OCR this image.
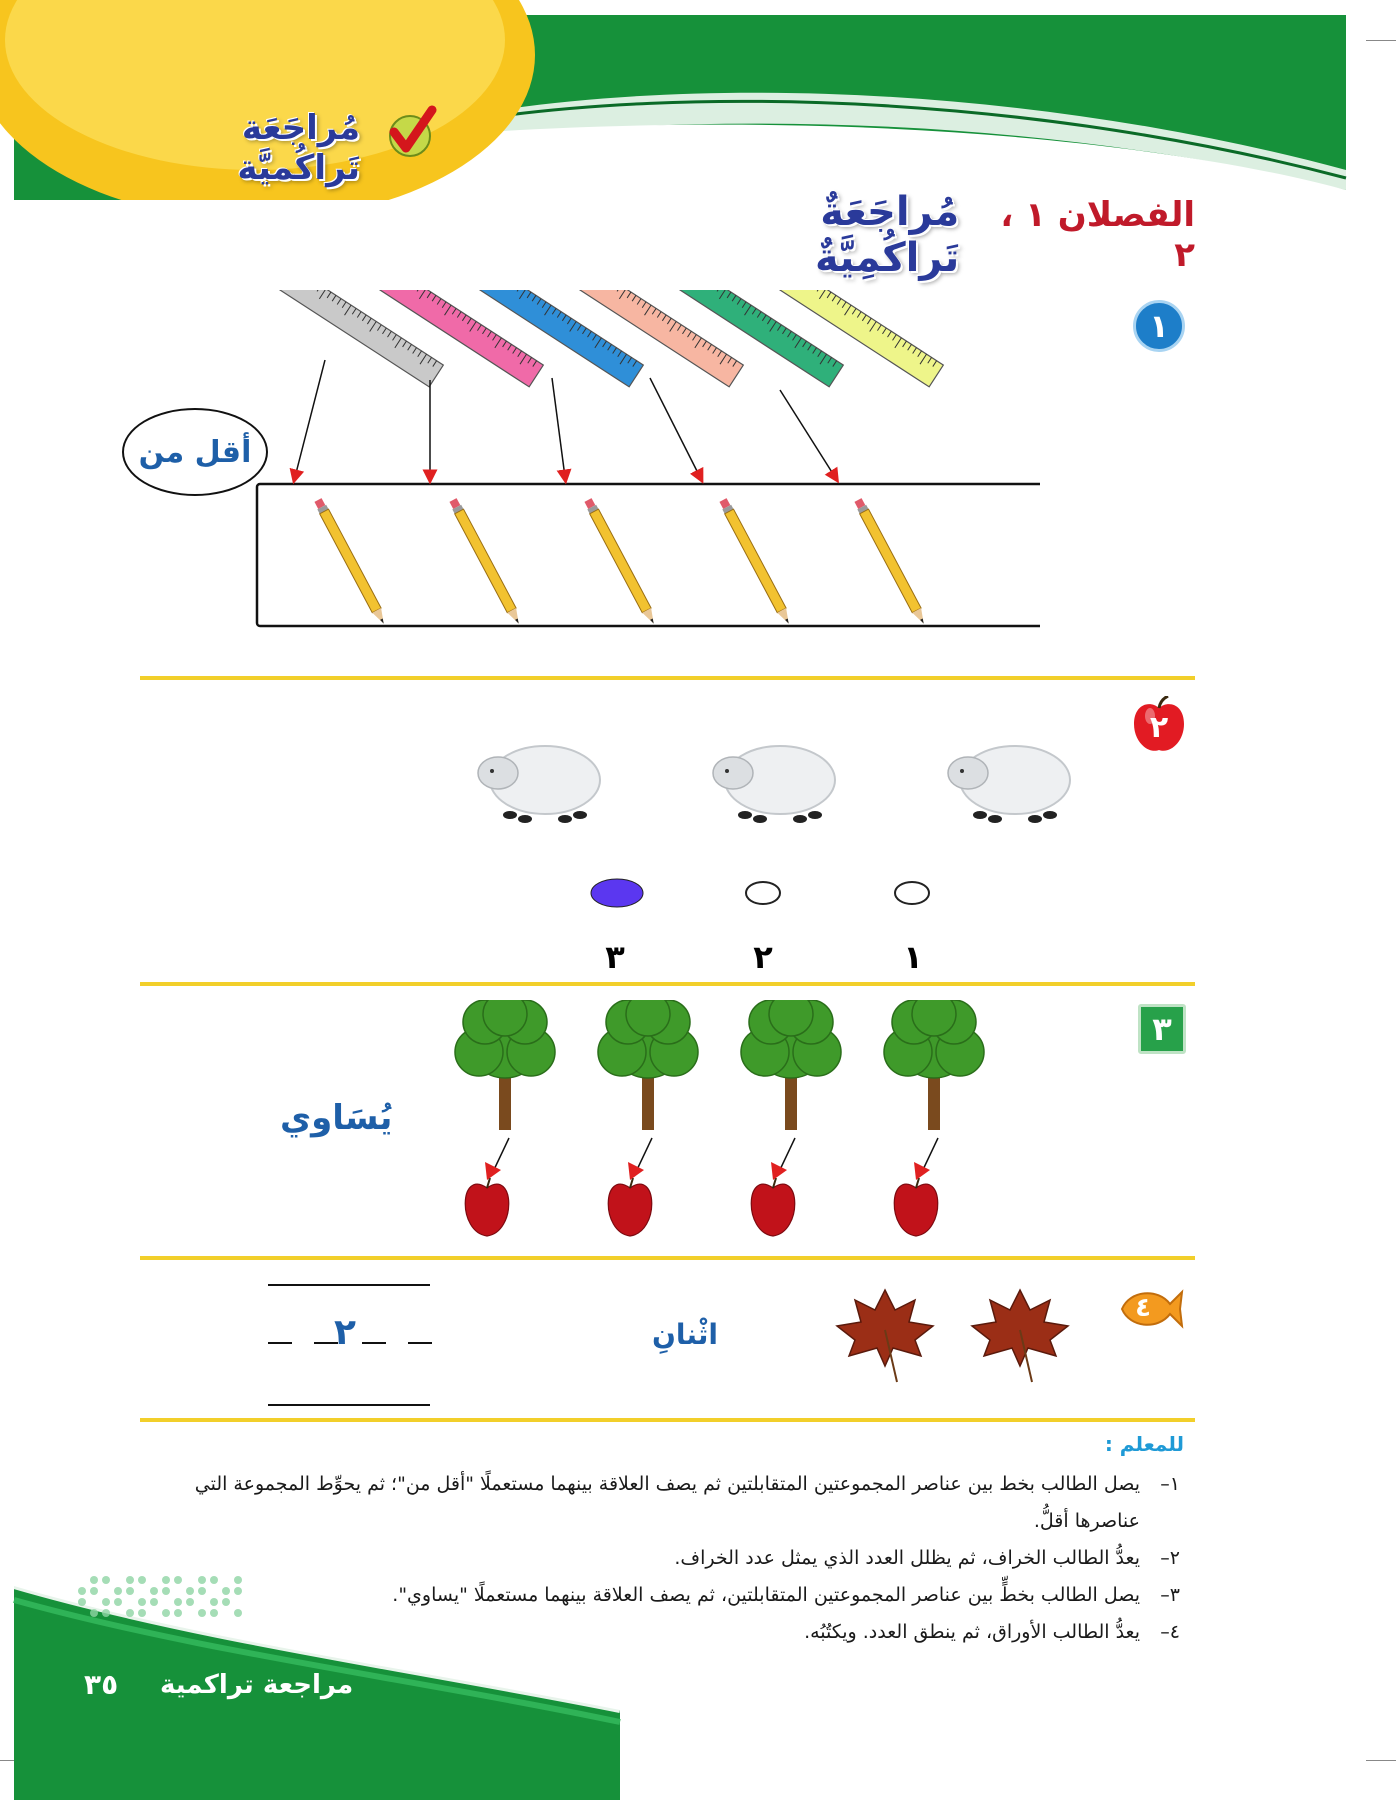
مُراجَعَة تَراكُميَّة
الفصلان ١ ، ٢
مُراجَعَةٌ تَراكُمِيَّةٌ
١
أقل من
٢
٣	٢	١
٣
يُسَاوي
٤
اثْنانِ
٢
للمعلم :
١–
يصل الطالب بخط بين عناصر المجموعتين المتقابلتين ثم يصف العلاقة بينهما مستعملًا "أقل من"؛ ثم يحوِّط المجموعة التي عناصرها أقلُّ.
٢–
يعدُّ الطالب الخراف، ثم يظلل العدد الذي يمثل عدد الخراف.
٣–
يصل الطالب بخطٍّ بين عناصر المجموعتين المتقابلتين، ثم يصف العلاقة بينهما مستعملًا "يساوي".
٤–
يعدُّ الطالب الأوراق، ثم ينطق العدد. ويكتُبُه.
مراجعة تراكمية
٣٥
